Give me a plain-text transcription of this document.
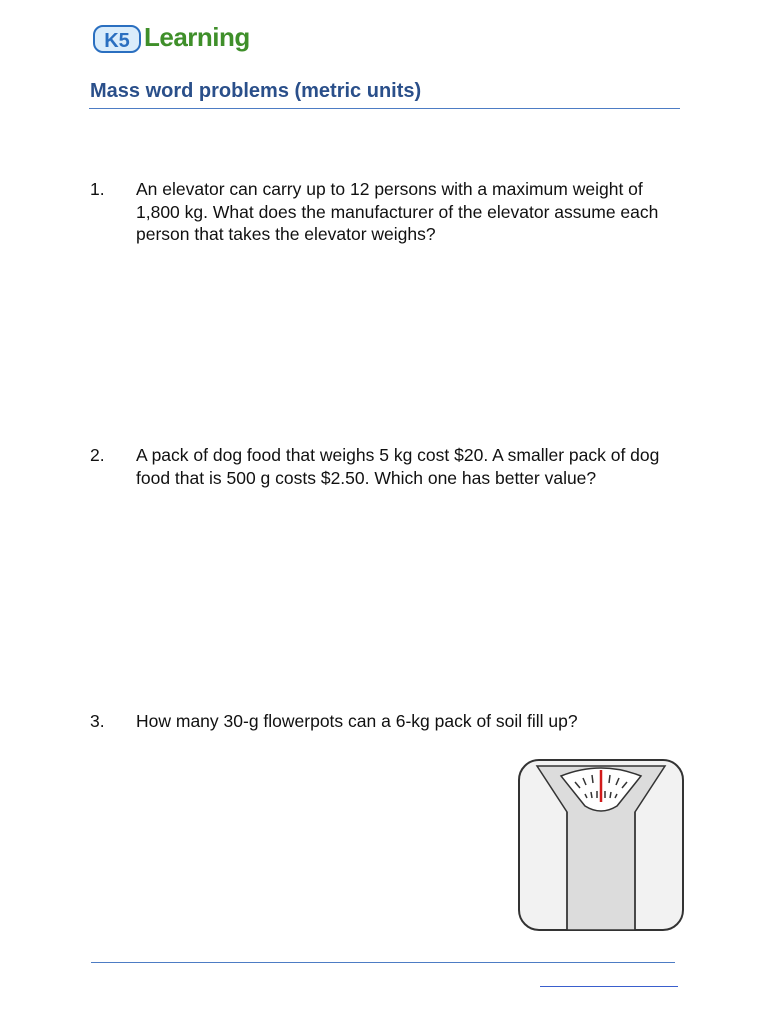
K5 Learning
Mass word problems (metric units)
1.	An elevator can carry up to 12 persons with a maximum weight of 1,800 kg. What does the manufacturer of the elevator assume each person that takes the elevator weighs?
2.	A pack of dog food that weighs 5 kg cost $20. A smaller pack of dog food that is 500 g costs $2.50. Which one has better value?
3.	How many 30-g flowerpots can a 6-kg pack of soil fill up?
